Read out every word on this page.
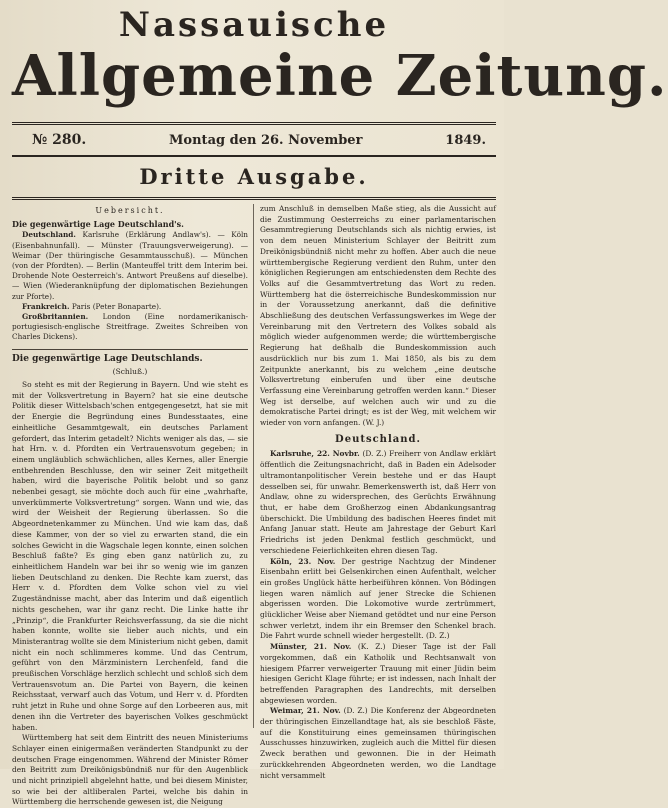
Nassauische
Allgemeine Zeitung.
№ 280.	Montag den 26. November	1849.
Dritte Ausgabe.
Uebersicht.
Die gegenwärtige Lage Deutschland's.

Deutschland. Karlsruhe (Erklärung Andlaw's). — Köln (Eisenbahnunfall). — Münster (Trauungsverweigerung). — Weimar (Der thüringische Gesammtausschuß). — München (von der Pfordten). — Berlin (Manteuffel tritt dem Interim bei. Drohende Note Oesterreich's. Antwort Preußens auf dieselbe). — Wien (Wiederanknüpfung der diplomatischen Beziehungen zur Pforte).

Frankreich. Paris (Peter Bonaparte).

Großbritannien. London (Eine nordamerikanisch-portugiesisch-englische Streitfrage. Zweites Schreiben von Charles Dickens).

Die gegenwärtige Lage Deutschlands.
(Schluß.)

So steht es mit der Regierung in Bayern. Und wie steht es mit der Volksvertretung in Bayern? hat sie eine deutsche Politik dieser Wittelsbach'schen entgegengesetzt, hat sie mit der Energie die Begründung eines Bundesstaates, eine einheitliche Gesammtgewalt, ein deutsches Parlament gefordert, das Interim getadelt? Nichts weniger als das, — sie hat Hrn. v. d. Pfordten ein Vertrauensvotum gegeben; in einem ungläublich schwächlichen, alles Kernes, aller Energie entbehrenden Beschlusse, den wir seiner Zeit mitgetheilt haben, wird die bayerische Politik belobt und so ganz nebenbei gesagt, sie möchte doch auch für eine „wahrhafte, unverkümmerte Volksvertretung“ sorgen. Wann und wie, das wird der Weisheit der Regierung überlassen. So die Abgeordnetenkammer zu München. Und wie kam das, daß diese Kammer, von der so viel zu erwarten stand, die ein solches Gewicht in die Wagschale legen konnte, einen solchen Beschluß faßte? Es ging eben ganz natürlich zu, zu einheitlichem Handeln war bei ihr so wenig wie im ganzen lieben Deutschland zu denken. Die Rechte kam zuerst, das Herr v. d. Pfordten dem Volke schon viel zu viel Zugeständnisse macht, aber das Interim und daß eigentlich nichts geschehen, war ihr ganz recht. Die Linke hatte ihr „Prinzip“, die Frankfurter Reichsverfassung, da sie die nicht haben konnte, wollte sie lieber auch nichts, und ein Ministerantrag wollte sie dem Ministerium nicht geben, damit nicht ein noch schlimmeres komme. Und das Centrum, geführt von den Märzministern Lerchenfeld, fand die preußischen Vorschläge herzlich schlecht und schloß sich dem Vertrauensvotum an. Die Partei von Bayern, die keinen Reichsstaat, verwarf auch das Votum, und Herr v. d. Pfordten ruht jetzt in Ruhe und ohne Sorge auf den Lorbeeren aus, mit denen ihn die Vertreter des bayerischen Volkes geschmückt haben.

Württemberg hat seit dem Eintritt des neuen Ministeriums Schlayer einen einigermaßen veränderten Standpunkt zu der deutschen Frage eingenommen. Während der Minister Römer den Beitritt zum Dreikönigsbündniß nur für den Augenblick und nicht prinzipiell abgelehnt hatte, und bei diesem Minister, so wie bei der altliberalen Partei, welche bis dahin in Württemberg die herrschende gewesen ist, die Neigung

zum Anschluß in demselben Maße stieg, als die Aussicht auf die Zustimmung Oesterreichs zu einer parlamentarischen Gesammtregierung Deutschlands sich als nichtig erwies, ist von dem neuen Ministerium Schlayer der Beitritt zum Dreikönigsbündniß nicht mehr zu hoffen. Aber auch die neue württembergische Regierung verdient den Ruhm, unter den königlichen Regierungen am entschiedensten dem Rechte des Volks auf die Gesammtvertretung das Wort zu reden. Württemberg hat die österreichische Bundeskommission nur in der Voraussetzung anerkannt, daß die definitive Abschließung des deutschen Verfassungswerkes im Wege der Vereinbarung mit den Vertretern des Volkes sobald als möglich wieder aufgenommen werde; die württembergische Regierung hat deßhalb die Bundeskommission auch ausdrücklich nur bis zum 1. Mai 1850, als bis zu dem Zeitpunkte anerkannt, bis zu welchem „eine deutsche Volksvertretung einberufen und über eine deutsche Verfassung eine Vereinbarung getroffen werden kann.“ Dieser Weg ist derselbe, auf welchen auch wir und zu die demokratische Partei dringt; es ist der Weg, mit welchem wir wieder von vorn anfangen. (W. J.)

Deutschland.

Karlsruhe, 22. Novbr. (D. Z.) Freiherr von Andlaw erklärt öffentlich die Zeitungsnachricht, daß in Baden ein Adelsoder ultramontanpolitischer Verein bestehe und er das Haupt desselben sei, für unwahr. Bemerkenswerth ist, daß Herr von Andlaw, ohne zu widersprechen, des Gerüchts Erwähnung thut, er habe dem Großherzog einen Abdankungsantrag überschickt. Die Umbildung des badischen Heeres findet mit Anfang Januar statt. Heute am Jahrestage der Geburt Karl Friedrichs ist jeden Denkmal festlich geschmückt, und verschiedene Feierlichkeiten ehren diesen Tag.

Köln, 23. Nov. Der gestrige Nachtzug der Mindener Eisenbahn erlitt bei Gelsenkirchen einen Aufenthalt, welcher ein großes Unglück hätte herbeiführen können. Von Bödingen liegen waren nämlich auf jener Strecke die Schienen abgerissen worden. Die Lokomotive wurde zertrümmert, glücklicher Weise aber Niemand getödtet und nur eine Person schwer verletzt, indem ihr ein Bremser den Schenkel brach. Die Fahrt wurde schnell wieder hergestellt. (D. Z.)

Münster, 21. Nov. (K. Z.) Dieser Tage ist der Fall vorgekommen, daß ein Katholik und Rechtsanwalt von hiesigem Pfarrer verweigerter Trauung mit einer Jüdin beim hiesigen Gericht Klage führte; er ist indessen, nach Inhalt der betreffenden Paragraphen des Landrechts, mit derselben abgewiesen worden.

Weimar, 21. Nov. (D. Z.) Die Konferenz der Abgeordneten der thüringischen Einzellandtage hat, als sie beschloß Fäste, auf die Konstituirung eines gemeinsamen thüringischen Ausschusses hinzuwirken, zugleich auch die Mittel für diesen Zweck berathen und gewonnen. Die in der Heimath zurückkehrenden Abgeordneten werden, wo die Landtage nicht versammelt
